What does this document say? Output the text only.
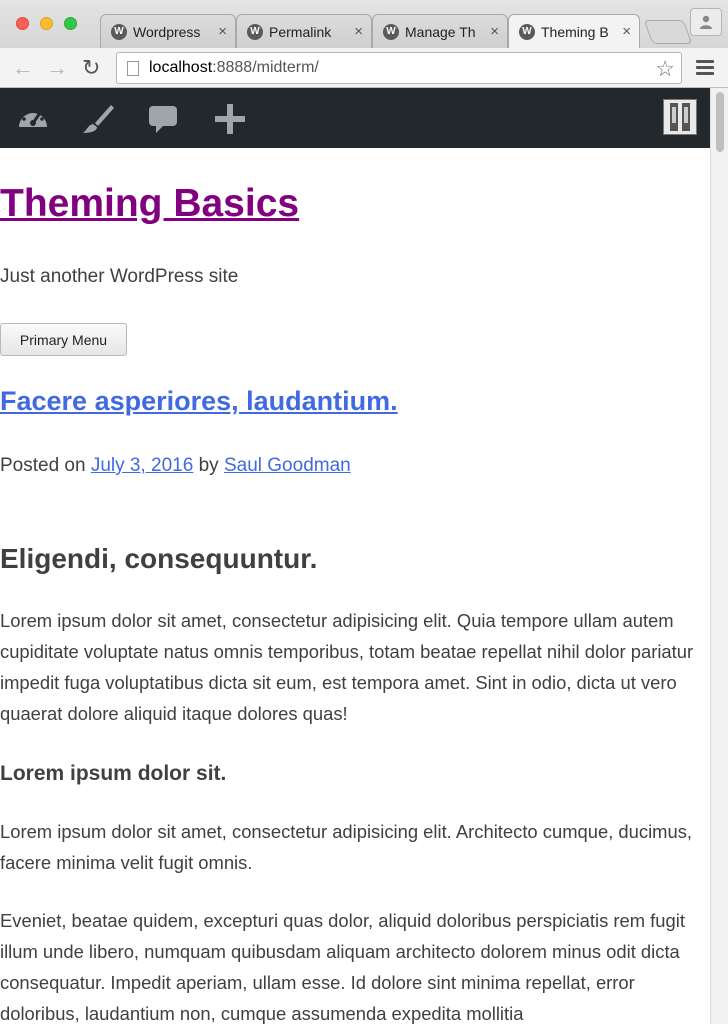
W Wordpress	×	W Permalink	×	W Manage Th ×	W Theming B ×
← → ↻	localhost:8888/midterm/	☆
Theming Basics

Just another WordPress site

Primary Menu
Facere asperiores, laudantium.

Posted on July 3, 2016 by Saul Goodman

Eligendi, consequuntur.

Lorem ipsum dolor sit amet, consectetur adipisicing elit. Quia tempore ullam autem cupiditate voluptate natus omnis temporibus, totam beatae repellat nihil dolor pariatur impedit fuga voluptatibus dicta sit eum, est tempora amet. Sint in odio, dicta ut vero quaerat dolore aliquid itaque dolores quas!

Lorem ipsum dolor sit.

Lorem ipsum dolor sit amet, consectetur adipisicing elit. Architecto cumque, ducimus, facere minima velit fugit omnis.

Eveniet, beatae quidem, excepturi quas dolor, aliquid doloribus perspiciatis rem fugit illum unde libero, numquam quibusdam aliquam architecto dolorem minus odit dicta consequatur. Impedit aperiam, ullam esse. Id dolore sint minima repellat, error doloribus, laudantium non, cumque assumenda expedita mollitia
